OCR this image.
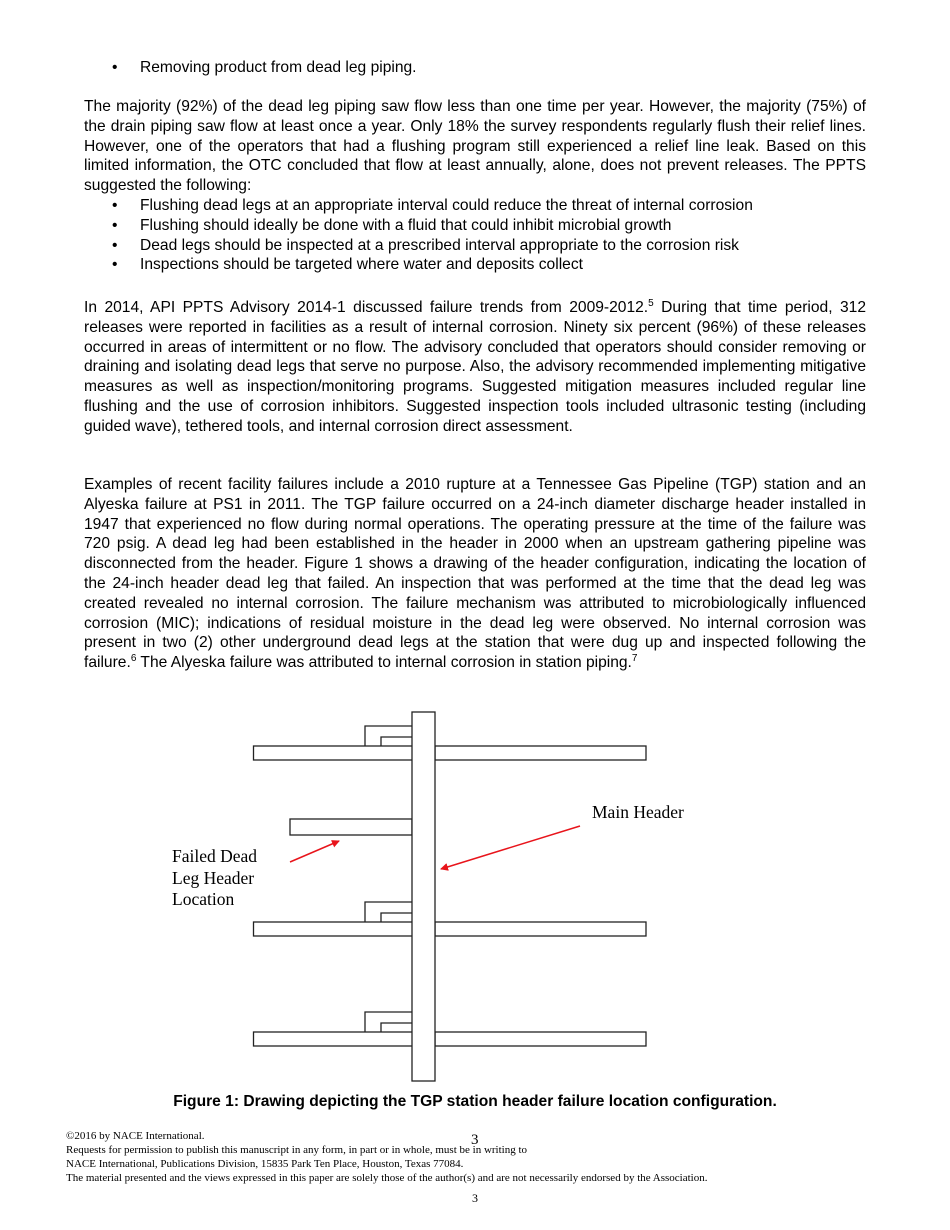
• Removing product from dead leg piping.

The majority (92%) of the dead leg piping saw flow less than one time per year. However, the majority (75%) of the drain piping saw flow at least once a year. Only 18% the survey respondents regularly flush their relief lines. However, one of the operators that had a flushing program still experienced a relief line leak. Based on this limited information, the OTC concluded that flow at least annually, alone, does not prevent releases. The PPTS suggested the following:

• Flushing dead legs at an appropriate interval could reduce the threat of internal corrosion
• Flushing should ideally be done with a fluid that could inhibit microbial growth
• Dead legs should be inspected at a prescribed interval appropriate to the corrosion risk
• Inspections should be targeted where water and deposits collect

In 2014, API PPTS Advisory 2014-1 discussed failure trends from 2009-2012.$^5$ During that time period, 312 releases were reported in facilities as a result of internal corrosion. Ninety six percent (96%) of these releases occurred in areas of intermittent or no flow. The advisory concluded that operators should consider removing or draining and isolating dead legs that serve no purpose. Also, the advisory recommended implementing mitigative measures as well as inspection/monitoring programs. Suggested mitigation measures included regular line flushing and the use of corrosion inhibitors. Suggested inspection tools included ultrasonic testing (including guided wave), tethered tools, and internal corrosion direct assessment.

Examples of recent facility failures include a 2010 rupture at a Tennessee Gas Pipeline (TGP) station and an Alyeska failure at PS1 in 2011. The TGP failure occurred on a 24-inch diameter discharge header installed in 1947 that experienced no flow during normal operations. The operating pressure at the time of the failure was 720 psig. A dead leg had been established in the header in 2000 when an upstream gathering pipeline was disconnected from the header. Figure 1 shows a drawing of the header configuration, indicating the location of the 24-inch header dead leg that failed. An inspection that was performed at the time that the dead leg was created revealed no internal corrosion. The failure mechanism was attributed to microbiologically influenced corrosion (MIC); indications of residual moisture in the dead leg were observed. No internal corrosion was present in two (2) other underground dead legs at the station that were dug up and inspected following the failure.$^6$ The Alyeska failure was attributed to internal corrosion in station piping.$^7$

Main Header
Failed Dead
Leg Header
Location
Figure 1: Drawing depicting the TGP station header failure location configuration.
©2016 by NACE International.
Requests for permission to publish this manuscript in any form, in part or in whole, must be in writing to
NACE International, Publications Division, 15835 Park Ten Place, Houston, Texas 77084.
The material presented and the views expressed in this paper are solely those of the author(s) and are not necessarily endorsed by the Association.
3
3
